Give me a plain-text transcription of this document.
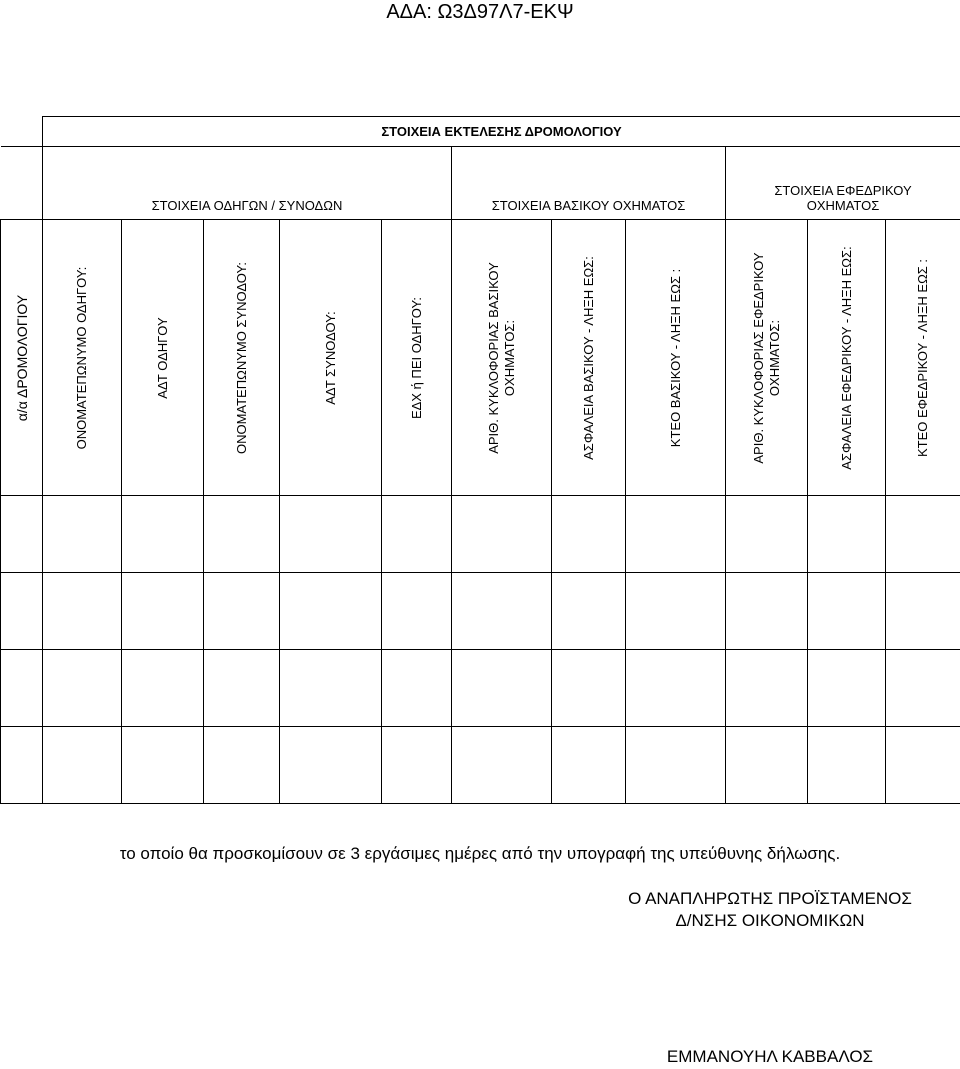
ΑΔΑ: Ω3Δ97Λ7-ΕΚΨ
	ΣΤΟΙΧΕΙΑ ΕΚΤΕΛΕΣΗΣ ΔΡΟΜΟΛΟΓΙΟΥ										
	ΣΤΟΙΧΕΙΑ ΟΔΗΓΩΝ / ΣΥΝΟΔΩΝ					ΣΤΟΙΧΕΙΑ ΒΑΣΙΚΟΥ ΟΧΗΜΑΤΟΣ			ΣΤΟΙΧΕΙΑ ΕΦΕΔΡΙΚΟΥ
ΟΧΗΜΑΤΟΣ		

α/α ΔΡΟΜΟΛΟΓΙΟΥ	ΟΝΟΜΑΤΕΠΩΝΥΜΟ ΟΔΗΓΟΥ:	ΑΔΤ ΟΔΗΓΟΥ	ΟΝΟΜΑΤΕΠΩΝΥΜΟ ΣΥΝΟΔΟΥ:	ΑΔΤ ΣΥΝΟΔΟΥ:	ΕΔΧ ή ΠΕΙ ΟΔΗΓΟΥ:	ΑΡΙΘ. ΚΥΚΛΟΦΟΡΙΑΣ ΒΑΣΙΚΟΥ ΟΧΗΜΑΤΟΣ:	ΑΣΦΑΛΕΙΑ ΒΑΣΙΚΟΥ - ΛΗΞΗ ΕΩΣ:	ΚΤΕΟ ΒΑΣΙΚΟΥ - ΛΗΞΗ ΕΩΣ :	ΑΡΙΘ. ΚΥΚΛΟΦΟΡΙΑΣ ΕΦΕΔΡΙΚΟΥ ΟΧΗΜΑΤΟΣ:	ΑΣΦΑΛΕΙΑ ΕΦΕΔΡΙΚΟΥ - ΛΗΞΗ ΕΩΣ:	ΚΤΕΟ ΕΦΕΔΡΙΚΟΥ - ΛΗΞΗ ΕΩΣ :

το οποίο θα προσκομίσουν σε 3 εργάσιμες ημέρες από την υπογραφή της υπεύθυνης δήλωσης.
Ο ΑΝΑΠΛΗΡΩΤΗΣ ΠΡΟΪΣΤΑΜΕΝΟΣ
Δ/ΝΣΗΣ ΟΙΚΟΝΟΜΙΚΩΝ
ΕΜΜΑΝΟΥΗΛ ΚΑΒΒΑΛΟΣ
